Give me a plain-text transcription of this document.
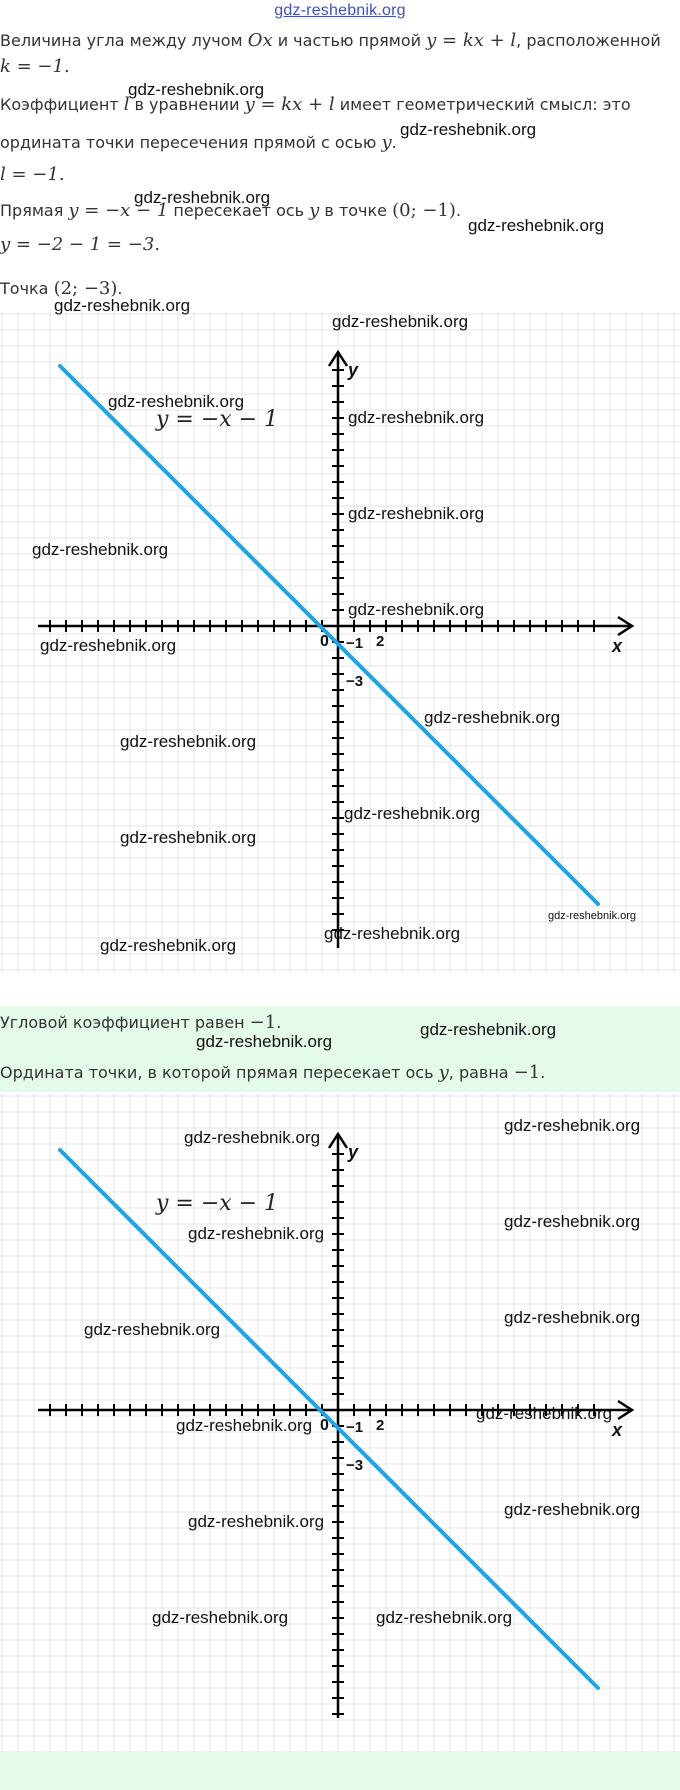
gdz-reshebnik.org
Величина угла между лучом Ox и частью прямой y = kx + l, расположенной
k = −1.
Коэффициент l в уравнении y = kx + l имеет геометрический смысл: это
ордината точки пересечения прямой с осью y.
l = −1.
Прямая y = −x − 1 пересекает ось y в точке (0; −1).
y = −2 − 1 = −3.
Точка (2; −3).
x
y
0 −1 2
−3
y = −x − 1
Угловой коэффициент равен −1.
Ордината точки, в которой прямая пересекает ось y, равна −1.
x
y
0 −1 2
−3
y = −x − 1
gdz-reshebnik.org
gdz-reshebnik.org
gdz-reshebnik.org
gdz-reshebnik.org
gdz-reshebnik.org
gdz-reshebnik.org
gdz-reshebnik.org
gdz-reshebnik.org
gdz-reshebnik.org
gdz-reshebnik.org
gdz-reshebnik.org
gdz-reshebnik.org
gdz-reshebnik.org
gdz-reshebnik.org
gdz-reshebnik.org
gdz-reshebnik.org
gdz-reshebnik.org
gdz-reshebnik.org
gdz-reshebnik.org
gdz-reshebnik.org
gdz-reshebnik.org
gdz-reshebnik.org
gdz-reshebnik.org
gdz-reshebnik.org
gdz-reshebnik.org
gdz-reshebnik.org
gdz-reshebnik.org
gdz-reshebnik.org
gdz-reshebnik.org
gdz-reshebnik.org
gdz-reshebnik.org
gdz-reshebnik.org	gdz-reshebnik.org
